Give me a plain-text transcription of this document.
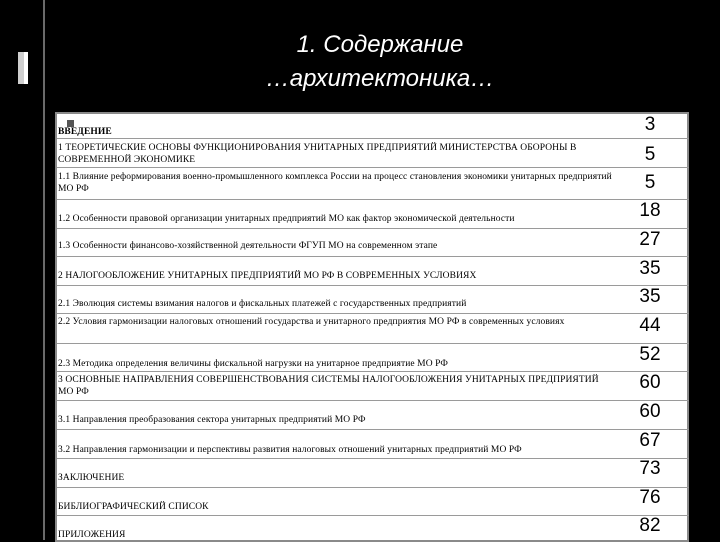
1. Содержание
…архитектоника…
ВВЕДЕНИЕ
1 ТЕОРЕТИЧЕСКИЕ ОСНОВЫ ФУНКЦИОНИРОВАНИЯ УНИТАРНЫХ ПРЕДПРИЯТИЙ МИНИСТЕРСТВА ОБОРОНЫ В СОВРЕМЕННОЙ ЭКОНОМИКЕ
1.1 Влияние реформирования военно-промышленного комплекса России на процесс становления экономики унитарных предприятий МО РФ
1.2 Особенности правовой организации унитарных предприятий МО как фактор экономической деятельности
1.3 Особенности финансово-хозяйственной деятельности ФГУП МО на современном этапе
2 НАЛОГООБЛОЖЕНИЕ УНИТАРНЫХ ПРЕДПРИЯТИЙ МО РФ В СОВРЕМЕННЫХ УСЛОВИЯХ
2.1 Эволюция системы взимания налогов и фискальных платежей с государственных предприятий
2.2 Условия гармонизации налоговых отношений государства и унитарного предприятия МО РФ в современных условиях
2.3 Методика определения величины фискальной нагрузки на унитарное предприятие МО РФ
3 ОСНОВНЫЕ НАПРАВЛЕНИЯ СОВЕРШЕНСТВОВАНИЯ СИСТЕМЫ НАЛОГООБЛОЖЕНИЯ УНИТАРНЫХ ПРЕДПРИЯТИЙ МО РФ
3.1 Направления преобразования сектора унитарных предприятий МО РФ
3.2 Направления гармонизации и перспективы развития налоговых отношений унитарных предприятий МО РФ
ЗАКЛЮЧЕНИЕ
БИБЛИОГРАФИЧЕСКИЙ СПИСОК
ПРИЛОЖЕНИЯ
3
5
5
18
27
35
35
44
52
60
60
67
73
76
82
